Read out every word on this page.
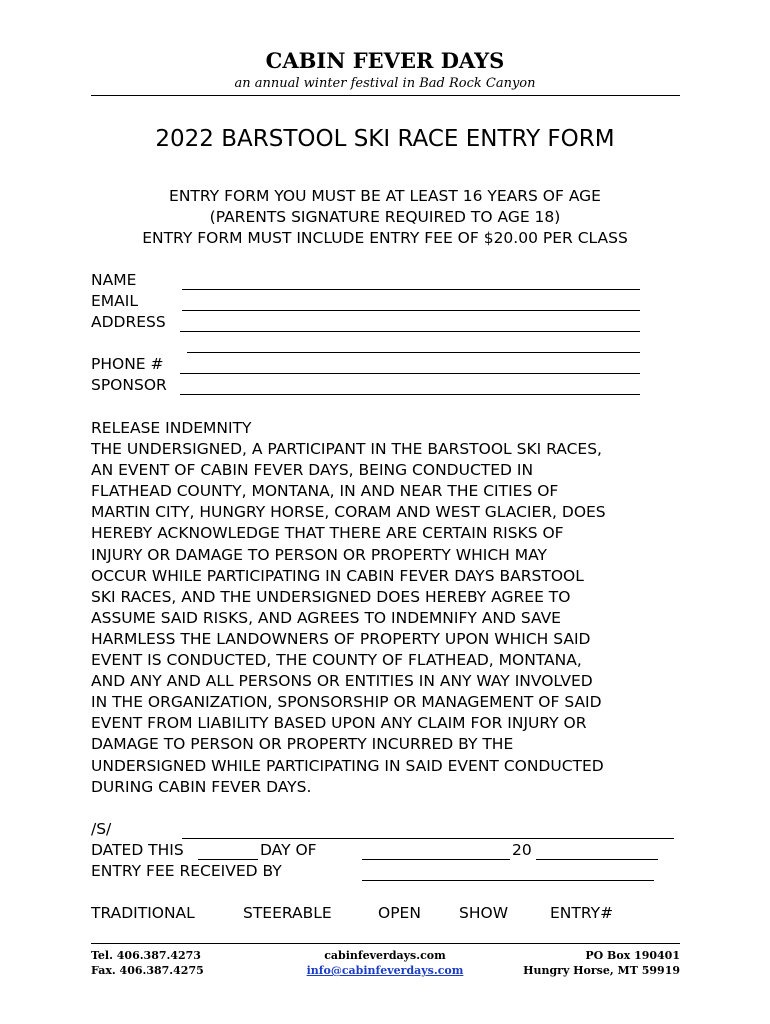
CABIN FEVER DAYS
an annual winter festival in Bad Rock Canyon
2022 BARSTOOL SKI RACE ENTRY FORM
ENTRY FORM YOU MUST BE AT LEAST 16 YEARS OF AGE
(PARENTS SIGNATURE REQUIRED TO AGE 18)
ENTRY FORM MUST INCLUDE ENTRY FEE OF $20.00 PER CLASS
NAME
EMAIL
ADDRESS
PHONE #
SPONSOR
RELEASE INDEMNITY
THE UNDERSIGNED, A PARTICIPANT IN THE BARSTOOL SKI RACES,
AN EVENT OF CABIN FEVER DAYS, BEING CONDUCTED IN
FLATHEAD COUNTY, MONTANA, IN AND NEAR THE CITIES OF
MARTIN CITY, HUNGRY HORSE, CORAM AND WEST GLACIER, DOES
HEREBY ACKNOWLEDGE THAT THERE ARE CERTAIN RISKS OF
INJURY OR DAMAGE TO PERSON OR PROPERTY WHICH MAY
OCCUR WHILE PARTICIPATING IN CABIN FEVER DAYS BARSTOOL
SKI RACES, AND THE UNDERSIGNED DOES HEREBY AGREE TO
ASSUME SAID RISKS, AND AGREES TO INDEMNIFY AND SAVE
HARMLESS THE LANDOWNERS OF PROPERTY UPON WHICH SAID
EVENT IS CONDUCTED, THE COUNTY OF FLATHEAD, MONTANA,
AND ANY AND ALL PERSONS OR ENTITIES IN ANY WAY INVOLVED
IN THE ORGANIZATION, SPONSORSHIP OR MANAGEMENT OF SAID
EVENT FROM LIABILITY BASED UPON ANY CLAIM FOR INJURY OR
DAMAGE TO PERSON OR PROPERTY INCURRED BY THE
UNDERSIGNED WHILE PARTICIPATING IN SAID EVENT CONDUCTED
DURING CABIN FEVER DAYS.
/S/
DATED THIS	DAY OF	20
ENTRY FEE RECEIVED BY
TRADITIONAL	STEERABLE	OPEN SHOW	ENTRY#
Tel. 406.387.4273
Fax. 406.387.4275
cabinfeverdays.com
info@cabinfeverdays.com
PO Box 190401
Hungry Horse, MT 59919
